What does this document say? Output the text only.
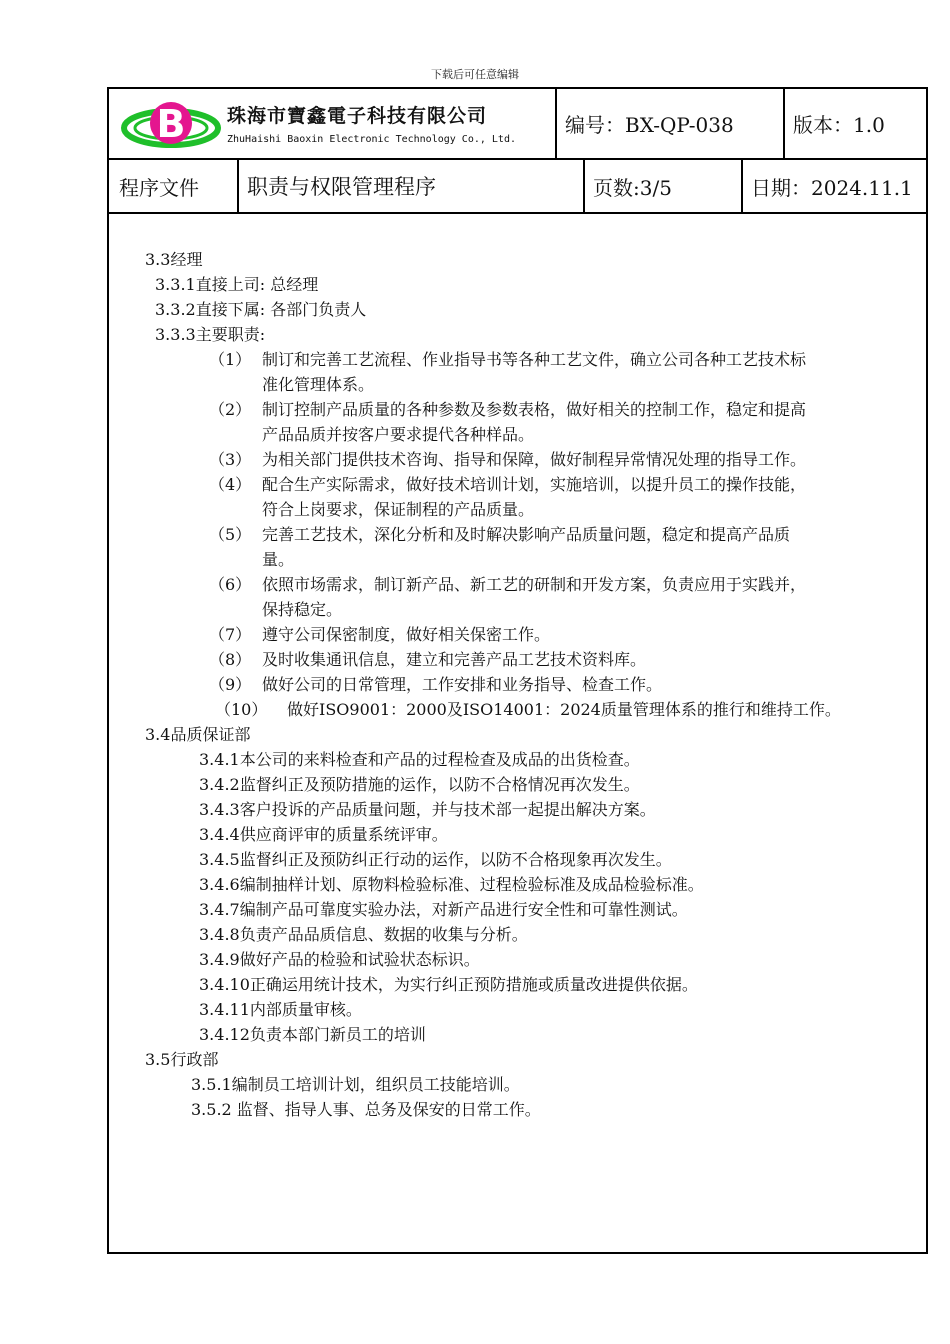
下载后可任意编辑
B 珠海市寶鑫電子科技有限公司
ZhuHaishi Baoxin Electronic Technology Co., Ltd.
编号：BX-QP-038	版本：1.0
程序文件 职责与权限管理程序	页数:3/5	日期：2024.11.1
3.3经理
3.3.1直接上司: 总经理
3.3.2直接下属: 各部门负责人
3.3.3主要职责:
（1） 制订和完善工艺流程、作业指导书等各种工艺文件，确立公司各种工艺技术标
准化管理体系。
（2） 制订控制产品质量的各种参数及参数表格，做好相关的控制工作，稳定和提高
产品品质并按客户要求提代各种样品。
（3） 为相关部门提供技术咨询、指导和保障，做好制程异常情况处理的指导工作。
（4） 配合生产实际需求，做好技术培训计划，实施培训，以提升员工的操作技能，
符合上岗要求，保证制程的产品质量。
（5） 完善工艺技术，深化分析和及时解决影响产品质量问题，稳定和提高产品质
量。
（6） 依照市场需求，制订新产品、新工艺的研制和开发方案，负责应用于实践并，
保持稳定。
（7） 遵守公司保密制度，做好相关保密工作。
（8） 及时收集通讯信息，建立和完善产品工艺技术资料库。
（9） 做好公司的日常管理，工作安排和业务指导、检查工作。
（10） 做好ISO9001：2000及ISO14001：2024质量管理体系的推行和维持工作。
3.4品质保证部
3.4.1本公司的来料检查和产品的过程检查及成品的出货检查。
3.4.2监督纠正及预防措施的运作，以防不合格情况再次发生。
3.4.3客户投诉的产品质量问题，并与技术部一起提出解决方案。
3.4.4供应商评审的质量系统评审。
3.4.5监督纠正及预防纠正行动的运作，以防不合格现象再次发生。
3.4.6编制抽样计划、原物料检验标准、过程检验标准及成品检验标准。
3.4.7编制产品可靠度实验办法，对新产品进行安全性和可靠性测试。
3.4.8负责产品品质信息、数据的收集与分析。
3.4.9做好产品的检验和试验状态标识。
3.4.10正确运用统计技术，为实行纠正预防措施或质量改进提供依据。
3.4.11内部质量审核。
3.4.12负责本部门新员工的培训
3.5行政部
3.5.1编制员工培训计划，组织员工技能培训。
3.5.2 监督、指导人事、总务及保安的日常工作。
